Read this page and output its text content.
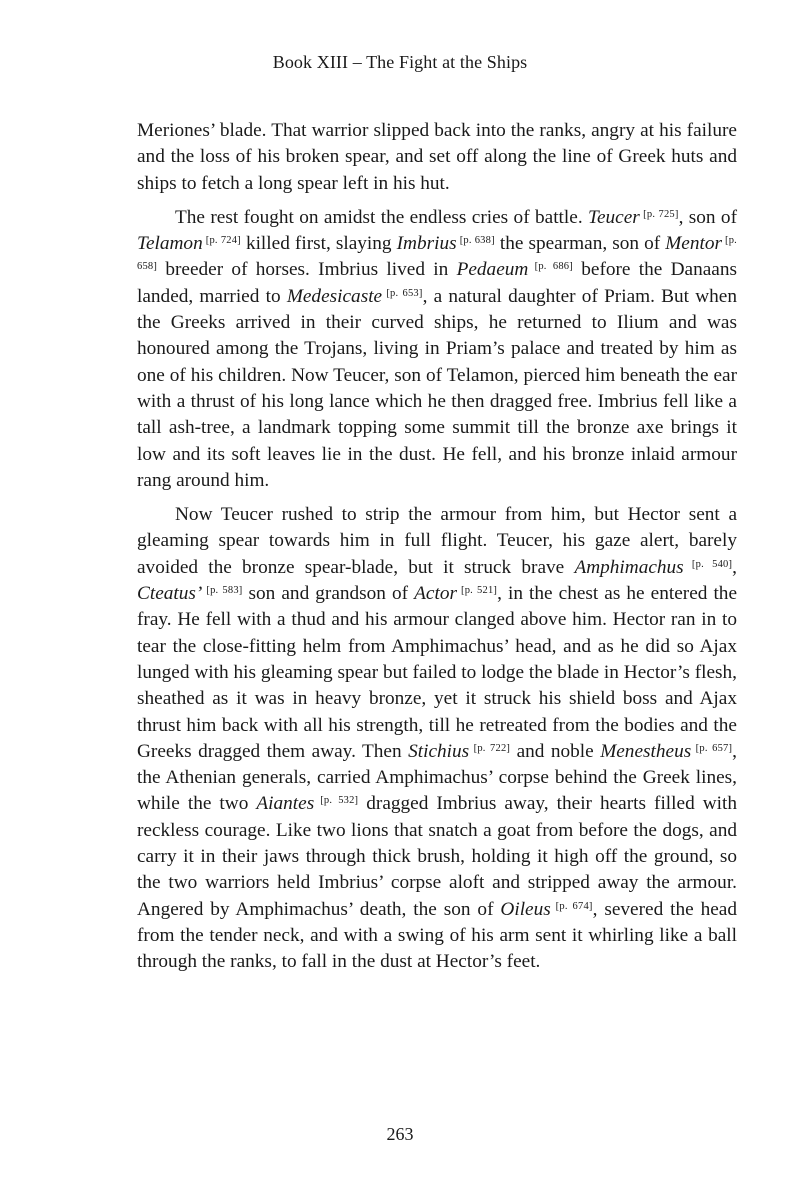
Book XIII – The Fight at the Ships

Meriones’ blade. That warrior slipped back into the ranks, angry at his failure and the loss of his broken spear, and set off along the line of Greek huts and ships to fetch a long spear left in his hut.

The rest fought on amidst the endless cries of battle. Teucer [p. 725], son of Telamon [p. 724] killed first, slaying Imbrius [p. 638] the spearman, son of Mentor [p. 658] breeder of horses. Imbrius lived in Pedaeum [p. 686] before the Danaans landed, married to Medesicaste [p. 653], a natural daughter of Priam. But when the Greeks arrived in their curved ships, he returned to Ilium and was honoured among the Trojans, living in Priam’s palace and treated by him as one of his children. Now Teucer, son of Telamon, pierced him beneath the ear with a thrust of his long lance which he then dragged free. Imbrius fell like a tall ash-tree, a landmark topping some summit till the bronze axe brings it low and its soft leaves lie in the dust. He fell, and his bronze inlaid armour rang around him.

Now Teucer rushed to strip the armour from him, but Hector sent a gleaming spear towards him in full flight. Teucer, his gaze alert, barely avoided the bronze spear-blade, but it struck brave Amphimachus [p. 540], Cteatus’ [p. 583] son and grandson of Actor [p. 521], in the chest as he entered the fray. He fell with a thud and his armour clanged above him. Hector ran in to tear the close-fitting helm from Amphimachus’ head, and as he did so Ajax lunged with his gleaming spear but failed to lodge the blade in Hector’s flesh, sheathed as it was in heavy bronze, yet it struck his shield boss and Ajax thrust him back with all his strength, till he retreated from the bodies and the Greeks dragged them away. Then Stichius [p. 722] and noble Menestheus [p. 657], the Athenian generals, carried Amphimachus’ corpse behind the Greek lines, while the two Aiantes [p. 532] dragged Imbrius away, their hearts filled with reckless courage. Like two lions that snatch a goat from before the dogs, and carry it in their jaws through thick brush, holding it high off the ground, so the two warriors held Imbrius’ corpse aloft and stripped away the armour. Angered by Amphimachus’ death, the son of Oileus [p. 674], severed the head from the tender neck, and with a swing of his arm sent it whirling like a ball through the ranks, to fall in the dust at Hector’s feet.

263
